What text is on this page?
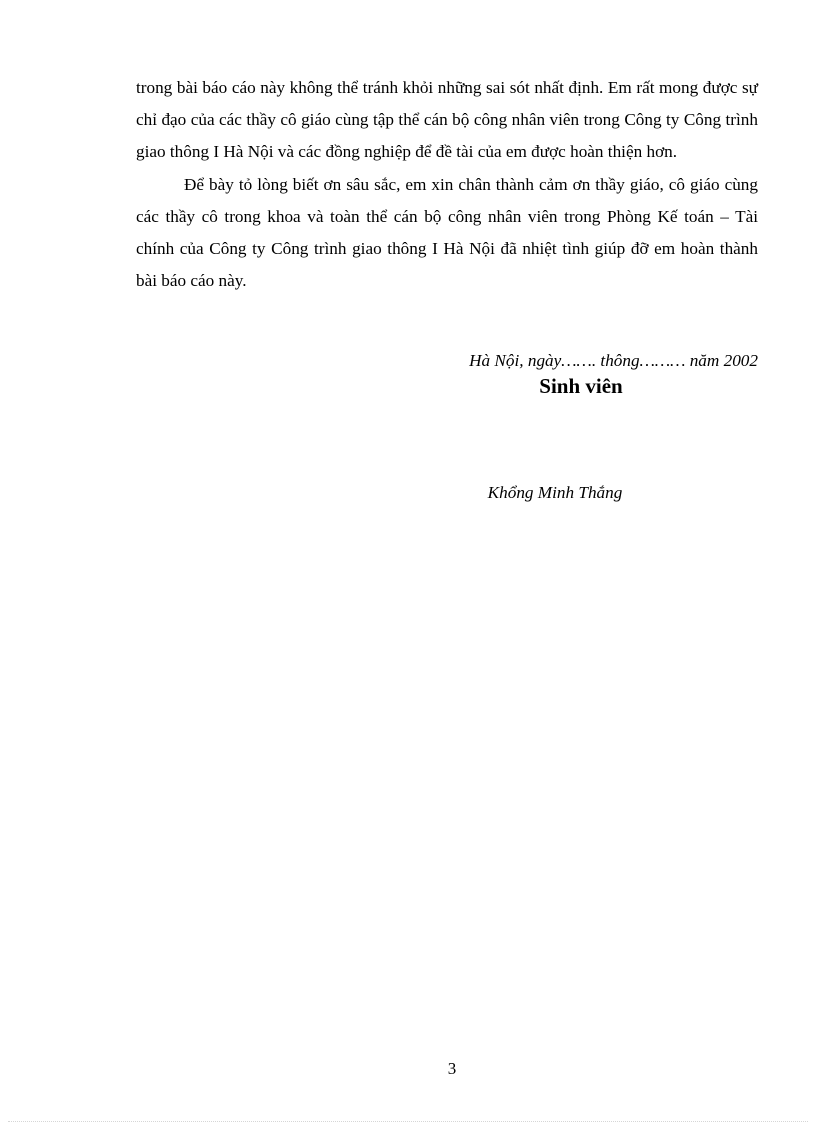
trong bài báo cáo này không thể tránh khỏi những sai sót nhất định. Em rất mong được sự chỉ đạo của các thầy cô giáo cùng tập thể cán bộ công nhân viên trong Công ty Công trình giao thông I Hà Nội và các đồng nghiệp để đề tài của em được hoàn thiện hơn.

Để bày tỏ lòng biết ơn sâu sắc, em xin chân thành cảm ơn thầy giáo, cô giáo cùng các thầy cô trong khoa và toàn thể cán bộ công nhân viên trong Phòng Kế toán – Tài chính của Công ty Công trình giao thông I Hà Nội đã nhiệt tình giúp đỡ em hoàn thành bài báo cáo này.

Hà Nội, ngày……. thông……… năm 2002
Sinh viên
Khổng Minh Thắng
3
